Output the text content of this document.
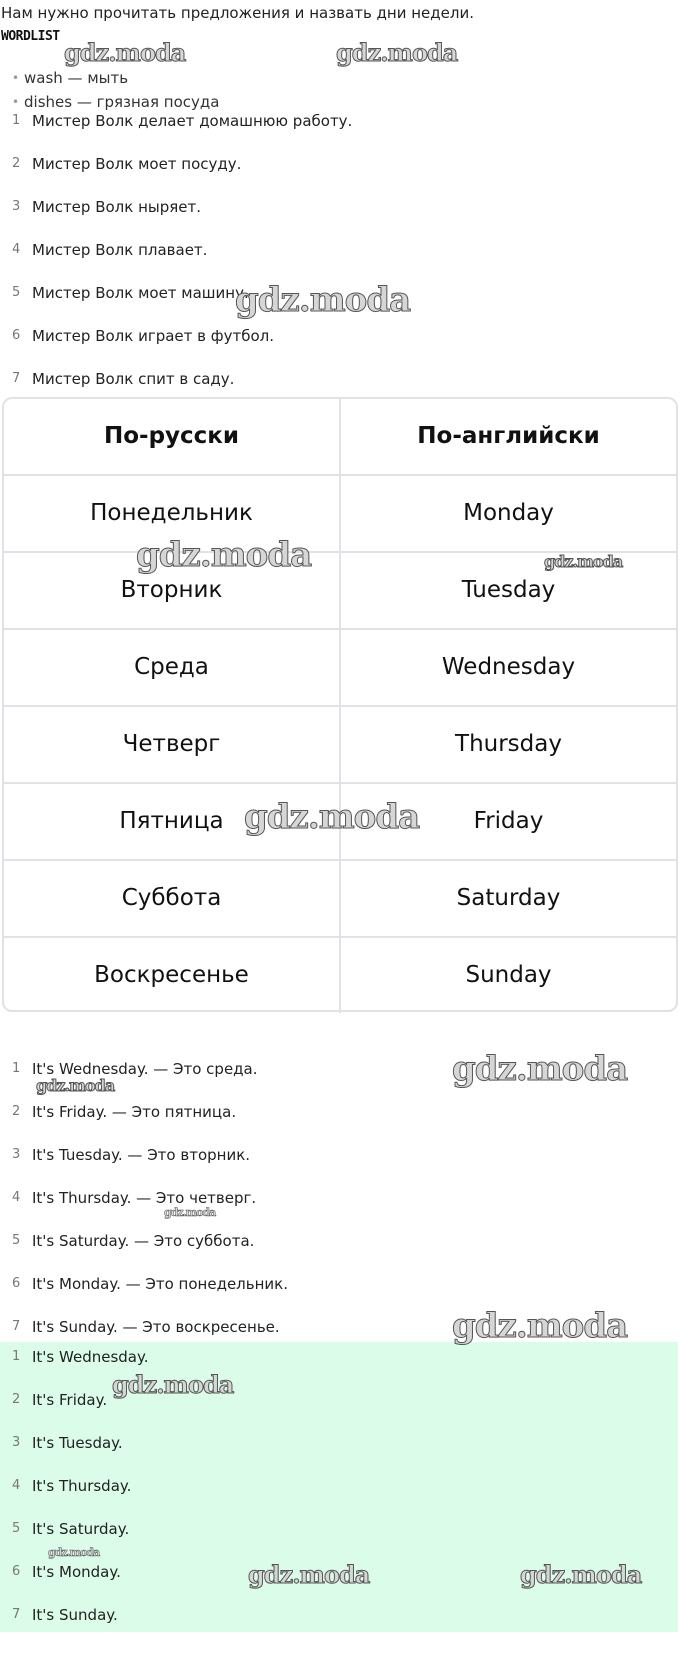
Нам нужно прочитать предложения и назвать дни недели.
WORDLIST
• wash — мыть
• dishes — грязная посуда
1 Мистер Волк делает домашнюю работу.
2 Мистер Волк моет посуду.
3 Мистер Волк ныряет.
4 Мистер Волк плавает.
5 Мистер Волк моет машину.
6 Мистер Волк играет в футбол.
7 Мистер Волк спит в саду.
По-русски	По-английски
Понедельник	Monday
Вторник	Tuesday
Среда	Wednesday
Четверг	Thursday
Пятница	Friday
Суббота	Saturday
Воскресенье	Sunday
1 It's Wednesday. — Это среда.
2 It's Friday. — Это пятница.
3 It's Tuesday. — Это вторник.
4 It's Thursday. — Это четверг.
5 It's Saturday. — Это суббота.
6 It's Monday. — Это понедельник.
7 It's Sunday. — Это воскресенье.
1 It's Wednesday.
2 It's Friday.
3 It's Tuesday.
4 It's Thursday.
5 It's Saturday.
6 It's Monday.
7 It's Sunday.
gdz.moda	gdz.moda
gdz.moda
gdz.moda	gdz.moda
gdz.moda
gdz.moda
gdz.moda
gdz.moda
gdz.moda
gdz.moda
gdz.moda
gdz.moda	gdz.moda
